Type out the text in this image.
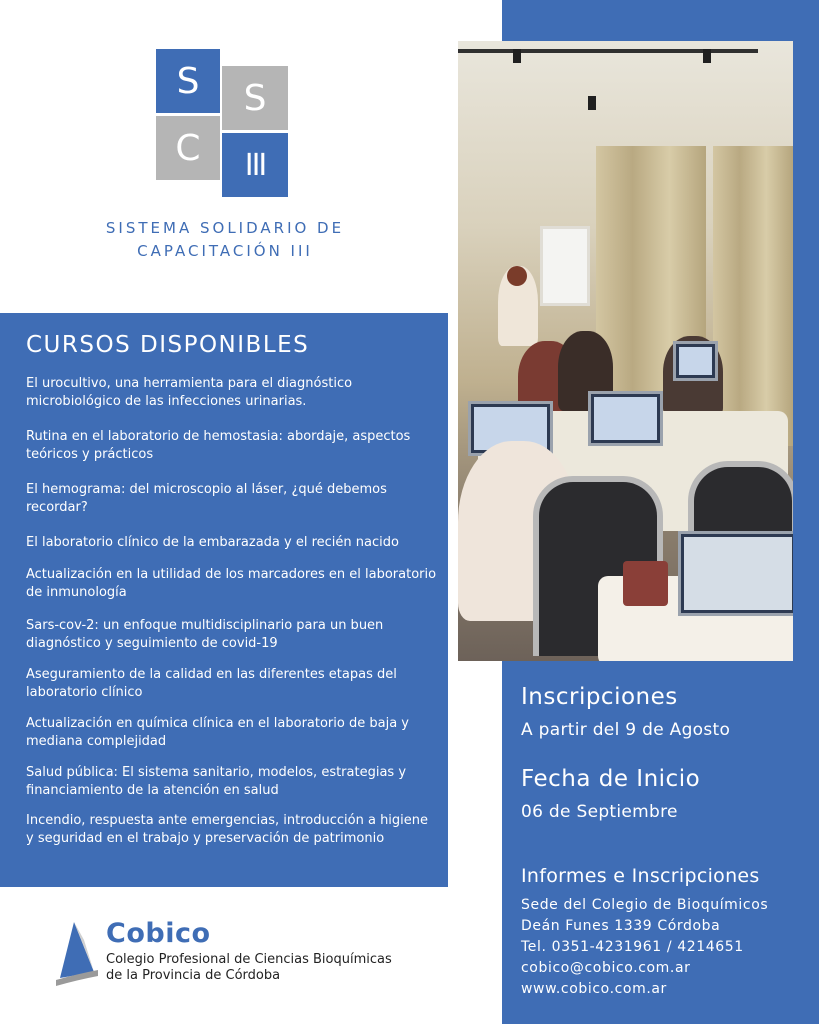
S	S
C	III
SISTEMA SOLIDARIO DE
CAPACITACIÓN III
CURSOS DISPONIBLES
El urocultivo, una herramienta para el diagnóstico microbiológico de las infecciones urinarias.
Rutina en el laboratorio de hemostasia: abordaje, aspectos teóricos y prácticos
El hemograma: del microscopio al láser, ¿qué debemos recordar?
El laboratorio clínico de la embarazada y el recién nacido
Actualización en la utilidad de los marcadores en el laboratorio de inmunología
Sars-cov-2: un enfoque multidisciplinario para un buen diagnóstico y seguimiento de covid-19
Aseguramiento de la calidad en las diferentes etapas del laboratorio clínico
Actualización en química clínica en el laboratorio de baja y mediana complejidad
Salud pública: El sistema sanitario, modelos, estrategias y financiamiento de la atención en salud
Incendio, respuesta ante emergencias, introducción a higiene y seguridad en el trabajo y preservación de patrimonio
Inscripciones
A partir del 9 de Agosto
Fecha de Inicio
06 de Septiembre
Informes e Inscripciones
Sede del Colegio de Bioquímicos
Deán Funes 1339 Córdoba
Tel. 0351-4231961 / 4214651
cobico@cobico.com.ar
www.cobico.com.ar
Cobico
Colegio Profesional de Ciencias Bioquímicas
de la Provincia de Córdoba
